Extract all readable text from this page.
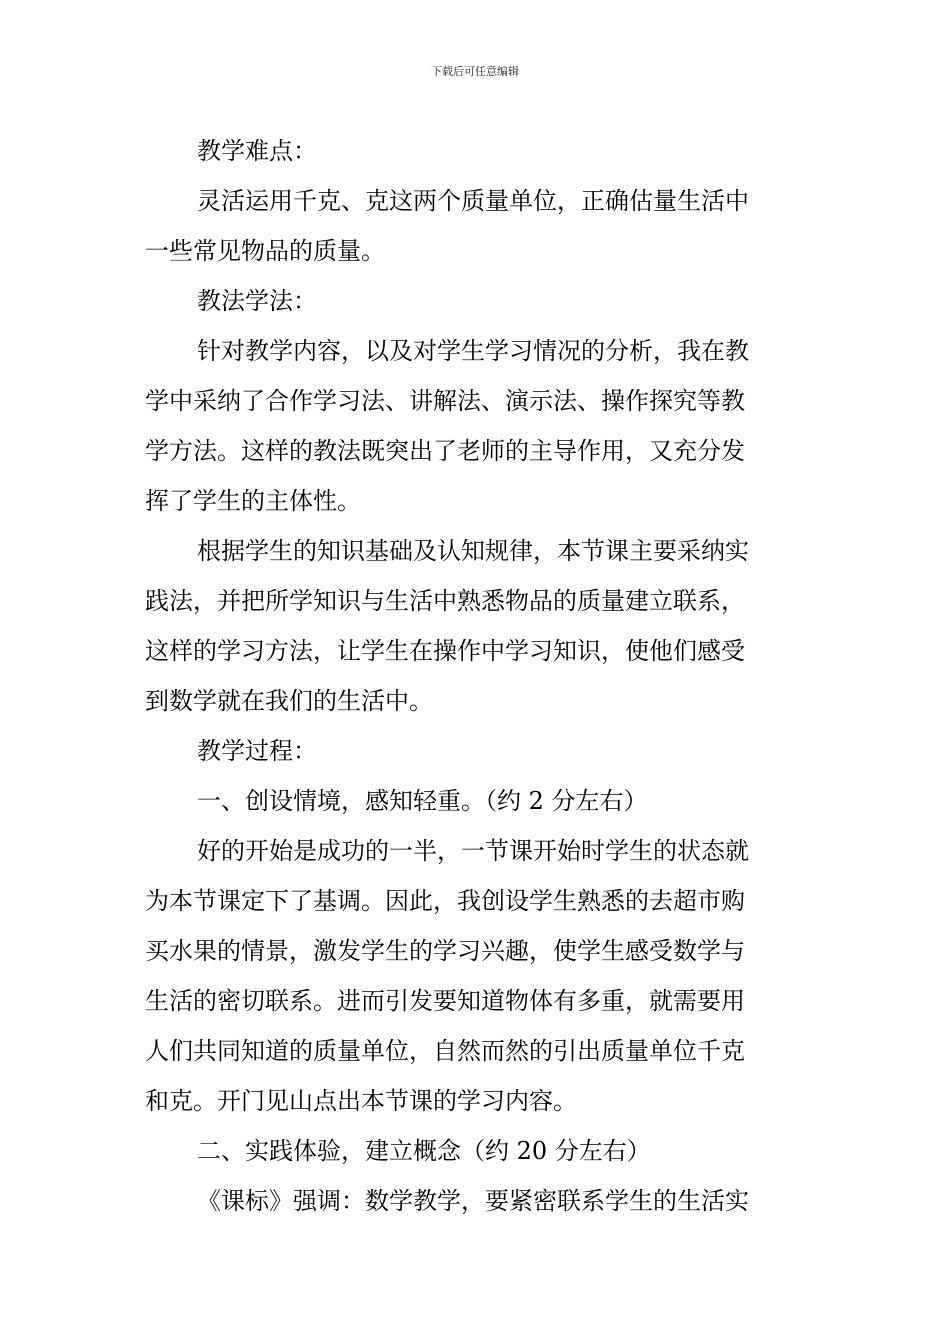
下载后可任意编辑
教学难点：
灵活运用千克、克这两个质量单位，正确估量生活中
一些常见物品的质量。
教法学法：
针对教学内容，以及对学生学习情况的分析，我在教
学中采纳了合作学习法、讲解法、演示法、操作探究等教
学方法。这样的教法既突出了老师的主导作用，又充分发
挥了学生的主体性。
根据学生的知识基础及认知规律，本节课主要采纳实
践法，并把所学知识与生活中熟悉物品的质量建立联系，
这样的学习方法，让学生在操作中学习知识，使他们感受
到数学就在我们的生活中。
教学过程：
一、创设情境，感知轻重。（约 2 分左右）
好的开始是成功的一半，一节课开始时学生的状态就
为本节课定下了基调。因此，我创设学生熟悉的去超市购
买水果的情景，激发学生的学习兴趣，使学生感受数学与
生活的密切联系。进而引发要知道物体有多重，就需要用
人们共同知道的质量单位，自然而然的引出质量单位千克
和克。开门见山点出本节课的学习内容。
二、实践体验，建立概念（约 20 分左右）
《课标》强调：数学教学，要紧密联系学生的生活实
